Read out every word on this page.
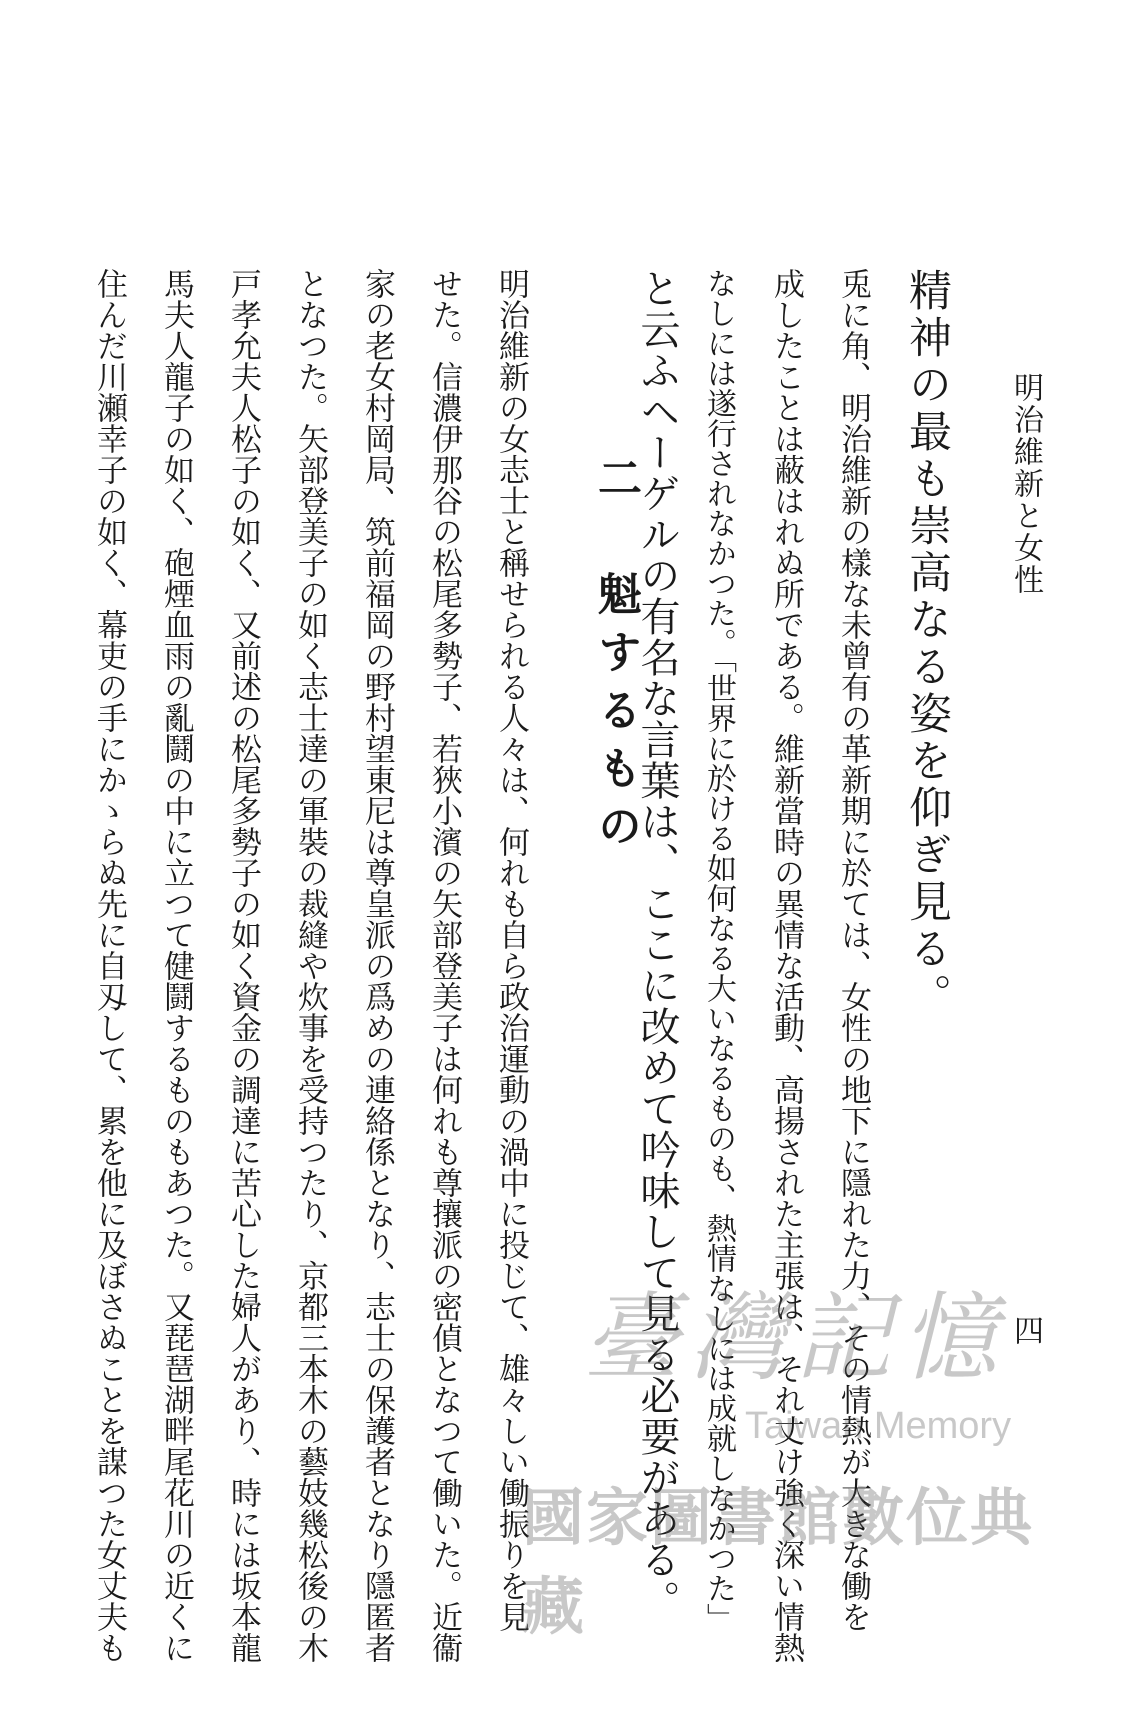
明治維新と女性
四
精神の最も崇高なる姿を仰ぎ見る。
兎に角、明治維新の樣な未曾有の革新期に於ては、女性の地下に隱れた力、その情熱が大きな働を
成したことは蔽はれぬ所である。維新當時の異情な活動、高揚された主張は、それ丈け強く深い情熱
なしには遂行されなかつた。「世界に於ける如何なる大いなるものも、熱情なしには成就しなかつた」
と云ふヘーゲルの有名な言葉は、ここに改めて吟味して見る必要がある。
二　魁するもの
明治維新の女志士と稱せられる人々は、何れも自ら政治運動の渦中に投じて、雄々しい働振りを見
せた。信濃伊那谷の松尾多勢子、若狹小濱の矢部登美子は何れも尊攘派の密偵となつて働いた。近衞
家の老女村岡局、筑前福岡の野村望東尼は尊皇派の爲めの連絡係となり、志士の保護者となり隱匿者
となつた。矢部登美子の如く志士達の軍裝の裁縫や炊事を受持つたり、京都三本木の藝妓幾松後の木
戸孝允夫人松子の如く、又前述の松尾多勢子の如く資金の調達に苦心した婦人があり、時には坂本龍
馬夫人龍子の如く、砲煙血雨の亂鬪の中に立つて健鬪するものもあつた。又琵琶湖畔尾花川の近くに
住んだ川瀬幸子の如く、幕吏の手にかゝらぬ先に自刄して、累を他に及ぼさぬことを謀つた女丈夫も	臺灣記憶
Taiwan Memory
國家圖書館數位典藏
